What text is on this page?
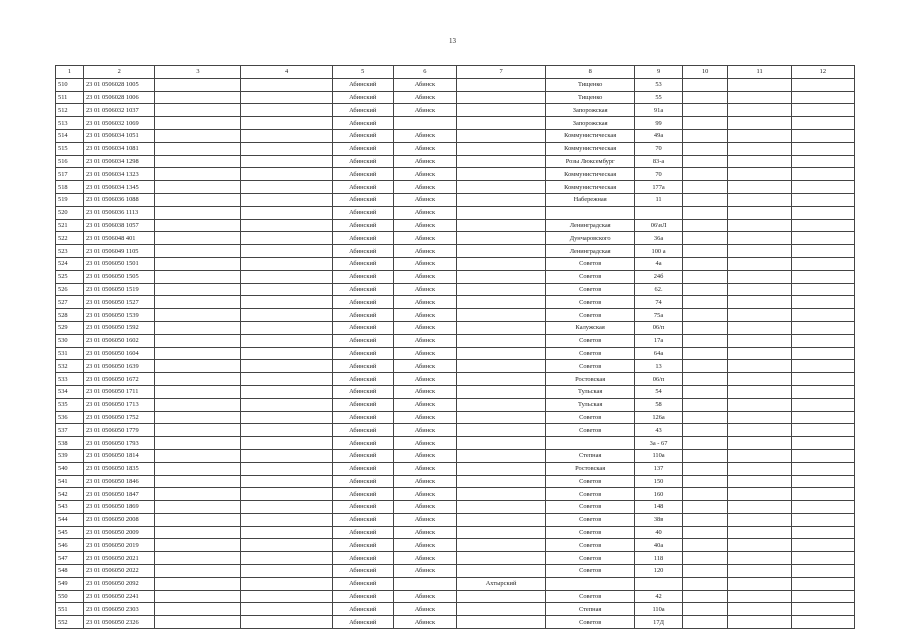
13
1	2	3	4	5	6	7	8	9	10	11	12
510	23 01 0506028 1005			Абинский	Абинск		Тищенко	53			
511	23 01 0506028 1006			Абинский	Абинск		Тищенко	55			
512	23 01 0506032 1037			Абинский	Абинск		Запорожская	91а			
513	23 01 0506032 1069			Абинский			Запорожская	99			
514	23 01 0506034 1051			Абинский	Абинск		Коммунистическая	49а			
515	23 01 0506034 1081			Абинский	Абинск		Коммунистическая	70			
516	23 01 0506034 1298			Абинский	Абинск		Розы Люксембург	83-а			
517	23 01 0506034 1323			Абинский	Абинск		Коммунистическая	70			
518	23 01 0506034 1345			Абинский	Абинск		Коммунистическая	177а			
519	23 01 0506036 1088			Абинский	Абинск		Набережная	11			
520	23 01 0506036 1113			Абинский	Абинск						
521	23 01 0506038 1057			Абинский	Абинск		Ленинградская	06\вЛ			
522	23 01 0506048 401			Абинский	Абинск		Дунчаровского	36а			
523	23 01 0506049 1105			Абинский	Абинск		Ленинградская	100 а			
524	23 01 0506050 1501			Абинский	Абинск		Советов	4а			
525	23 01 0506050 1505			Абинский	Абинск		Советов	24б			
526	23 01 0506050 1519			Абинский	Абинск		Советов	62.			
527	23 01 0506050 1527			Абинский	Абинск		Советов	74			
528	23 01 0506050 1539			Абинский	Абинск		Советов	75а			
529	23 01 0506050 1592			Абинский	Абинск		Калужская	06/п			
530	23 01 0506050 1602			Абинский	Абинск		Советов	17а			
531	23 01 0506050 1604			Абинский	Абинск		Советов	64а			
532	23 01 0506050 1639			Абинский	Абинск		Советов	13			
533	23 01 0506050 1672			Абинский	Абинск		Ростовская	06/п			
534	23 01 0506050 1711			Абинский	Абинск		Тульская	54			
535	23 01 0506050 1713			Абинский	Абинск		Тульская	58			
536	23 01 0506050 1752			Абинский	Абинск		Советов	126а			
537	23 01 0506050 1779			Абинский	Абинск		Советов	43			
538	23 01 0506050 1793			Абинский	Абинск			3а - 67			
539	23 01 0506050 1814			Абинский	Абинск		Степная	110а			
540	23 01 0506050 1835			Абинский	Абинск		Ростовская	137			
541	23 01 0506050 1846			Абинский	Абинск		Советов	150			
542	23 01 0506050 1847			Абинский	Абинск		Советов	160			
543	23 01 0506050 1869			Абинский	Абинск		Советов	148			
544	23 01 0506050 2008			Абинский	Абинск		Советов	38в			
545	23 01 0506050 2009			Абинский	Абинск		Советов	40			
546	23 01 0506050 2019			Абинский	Абинск		Советов	40а			
547	23 01 0506050 2021			Абинский	Абинск		Советов	118			
548	23 01 0506050 2022			Абинский	Абинск		Советов	120			
549	23 01 0506050 2092			Абинский		Ахтырский					
550	23 01 0506050 2241			Абинский	Абинск		Советов	42			
551	23 01 0506050 2303			Абинский	Абинск		Степная	110а			
552	23 01 0506050 2326			Абинский	Абинск		Советов	17Д			
